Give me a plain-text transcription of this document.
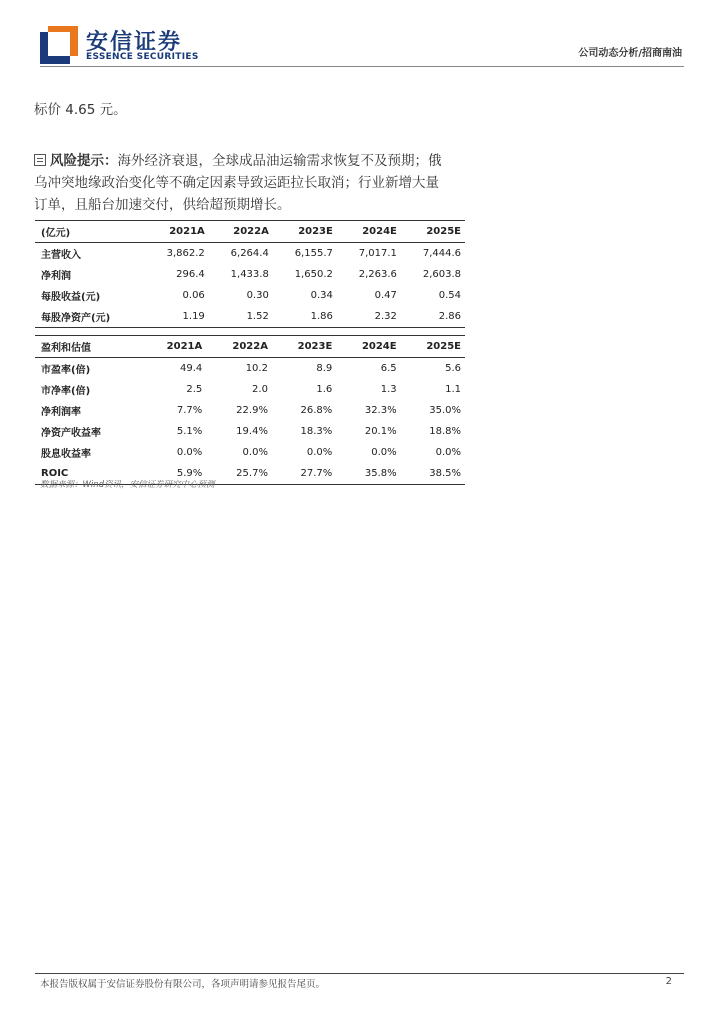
安信证券
ESSENCE SECURITIES	公司动态分析/招商南油
标价 4.65 元。
风险提示：海外经济衰退，全球成品油运输需求恢复不及预期；俄乌冲突地缘政治变化等不确定因素导致运距拉长取消；行业新增大量订单，且船台加速交付，供给超预期增长。
(亿元)	2021A	2022A	2023E	2024E	2025E
主营收入	3,862.2	6,264.4	6,155.7	7,017.1	7,444.6
净利润	296.4	1,433.8	1,650.2	2,263.6	2,603.8
每股收益(元)	0.06	0.30	0.34	0.47	0.54
每股净资产(元)	1.19	1.52	1.86	2.32	2.86
盈利和估值	2021A	2022A	2023E	2024E	2025E
市盈率(倍)	49.4	10.2	8.9	6.5	5.6
市净率(倍)	2.5	2.0	1.6	1.3	1.1
净利润率	7.7%	22.9%	26.8%	32.3%	35.0%
净资产收益率	5.1%	19.4%	18.3%	20.1%	18.8%
股息收益率	0.0%	0.0%	0.0%	0.0%	0.0%
ROIC	5.9%	25.7%	27.7%	35.8%	38.5%
数据来源：Wind资讯，安信证券研究中心预测
本报告版权属于安信证券股份有限公司，各项声明请参见报告尾页。	2
